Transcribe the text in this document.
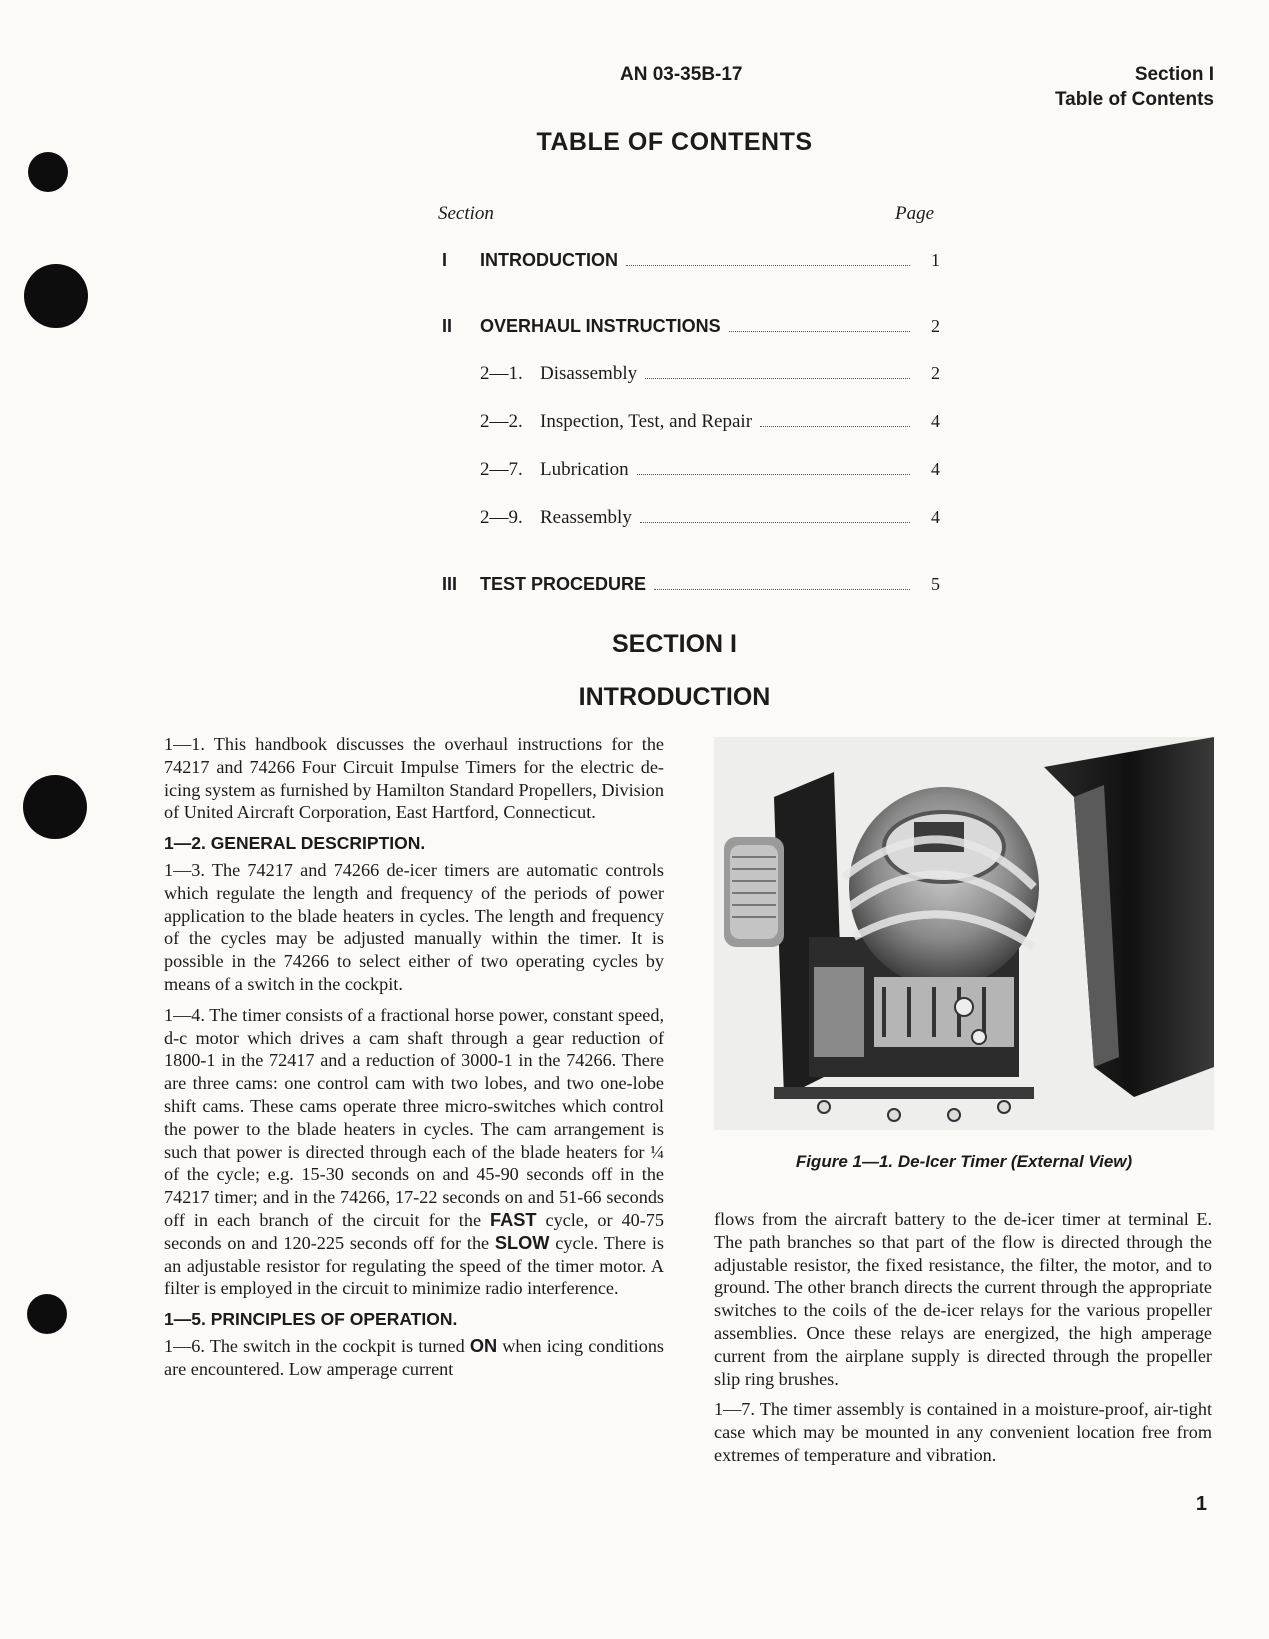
AN 03-35B-17	Section I
Table of Contents
TABLE OF CONTENTS
Section	Page
I	INTRODUCTION	1
II	OVERHAUL INSTRUCTIONS	2
2—1. Disassembly	2
2—2. Inspection, Test, and Repair	4
2—7. Lubrication	4
2—9. Reassembly	4
III	TEST PROCEDURE	5
SECTION I
INTRODUCTION

1—1. This handbook discusses the overhaul instructions for the 74217 and 74266 Four Circuit Impulse Timers for the electric de-icing system as furnished by Hamilton Standard Propellers, Division of United Aircraft Corporation, East Hartford, Connecticut.

1—2. GENERAL DESCRIPTION.

1—3. The 74217 and 74266 de-icer timers are automatic controls which regulate the length and frequency of the periods of power application to the blade heaters in cycles. The length and frequency of the cycles may be adjusted manually within the timer. It is possible in the 74266 to select either of two operating cycles by means of a switch in the cockpit.

1—4. The timer consists of a fractional horse power, constant speed, d-c motor which drives a cam shaft through a gear reduction of 1800-1 in the 72417 and a reduction of 3000-1 in the 74266. There are three cams: one control cam with two lobes, and two one-lobe shift cams. These cams operate three micro-switches which control the power to the blade heaters in cycles. The cam arrangement is such that power is directed through each of the blade heaters for ¼ of the cycle; e.g. 15-30 seconds on and 45-90 seconds off in the 74217 timer; and in the 74266, 17-22 seconds on and 51-66 seconds off in each branch of the circuit for the FAST cycle, or 40-75 seconds on and 120-225 seconds off for the SLOW cycle. There is an adjustable resistor for regulating the speed of the timer motor. A filter is employed in the circuit to minimize radio interference.

1—5. PRINCIPLES OF OPERATION.

1—6. The switch in the cockpit is turned ON when icing conditions are encountered. Low amperage current

Figure 1—1. De-Icer Timer (External View)

flows from the aircraft battery to the de-icer timer at terminal E. The path branches so that part of the flow is directed through the adjustable resistor, the fixed resistance, the filter, the motor, and to ground. The other branch directs the current through the appropriate switches to the coils of the de-icer relays for the various propeller assemblies. Once these relays are energized, the high amperage current from the airplane supply is directed through the propeller slip ring brushes.

1—7. The timer assembly is contained in a moisture-proof, air-tight case which may be mounted in any convenient location free from extremes of temperature and vibration.

1
